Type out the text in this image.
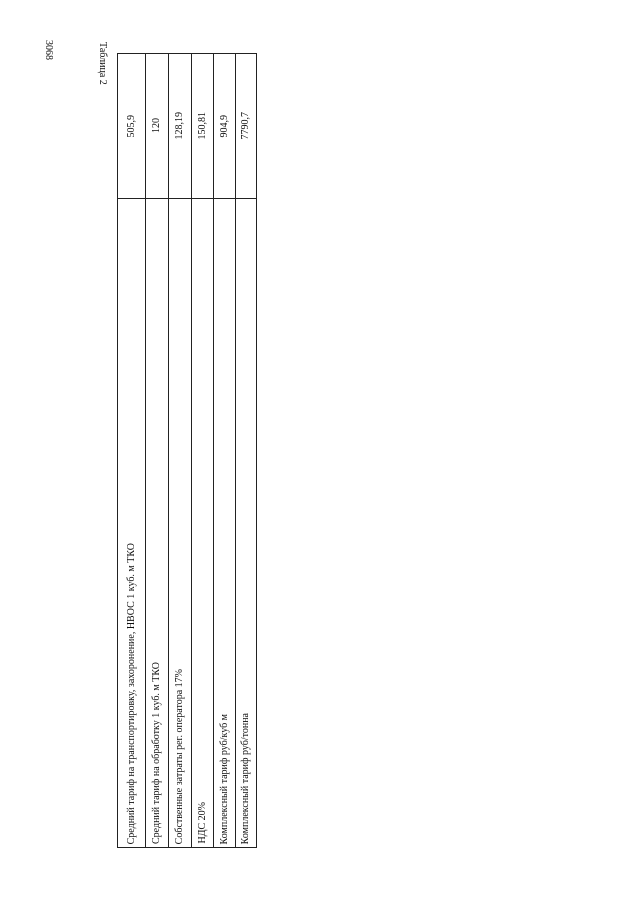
3068	Таблица 2
505,9
Средний тариф на транспортировку, захоронение, НВОС 1 куб. м ТКО
120
Средний тариф на обработку 1 куб. м ТКО
128,19
Собственные затраты рег. оператора 17%
150,81
НДС 20%
904,9
Комплексный тариф руб/куб м
7790,7
Комплексный тариф руб/тонна
